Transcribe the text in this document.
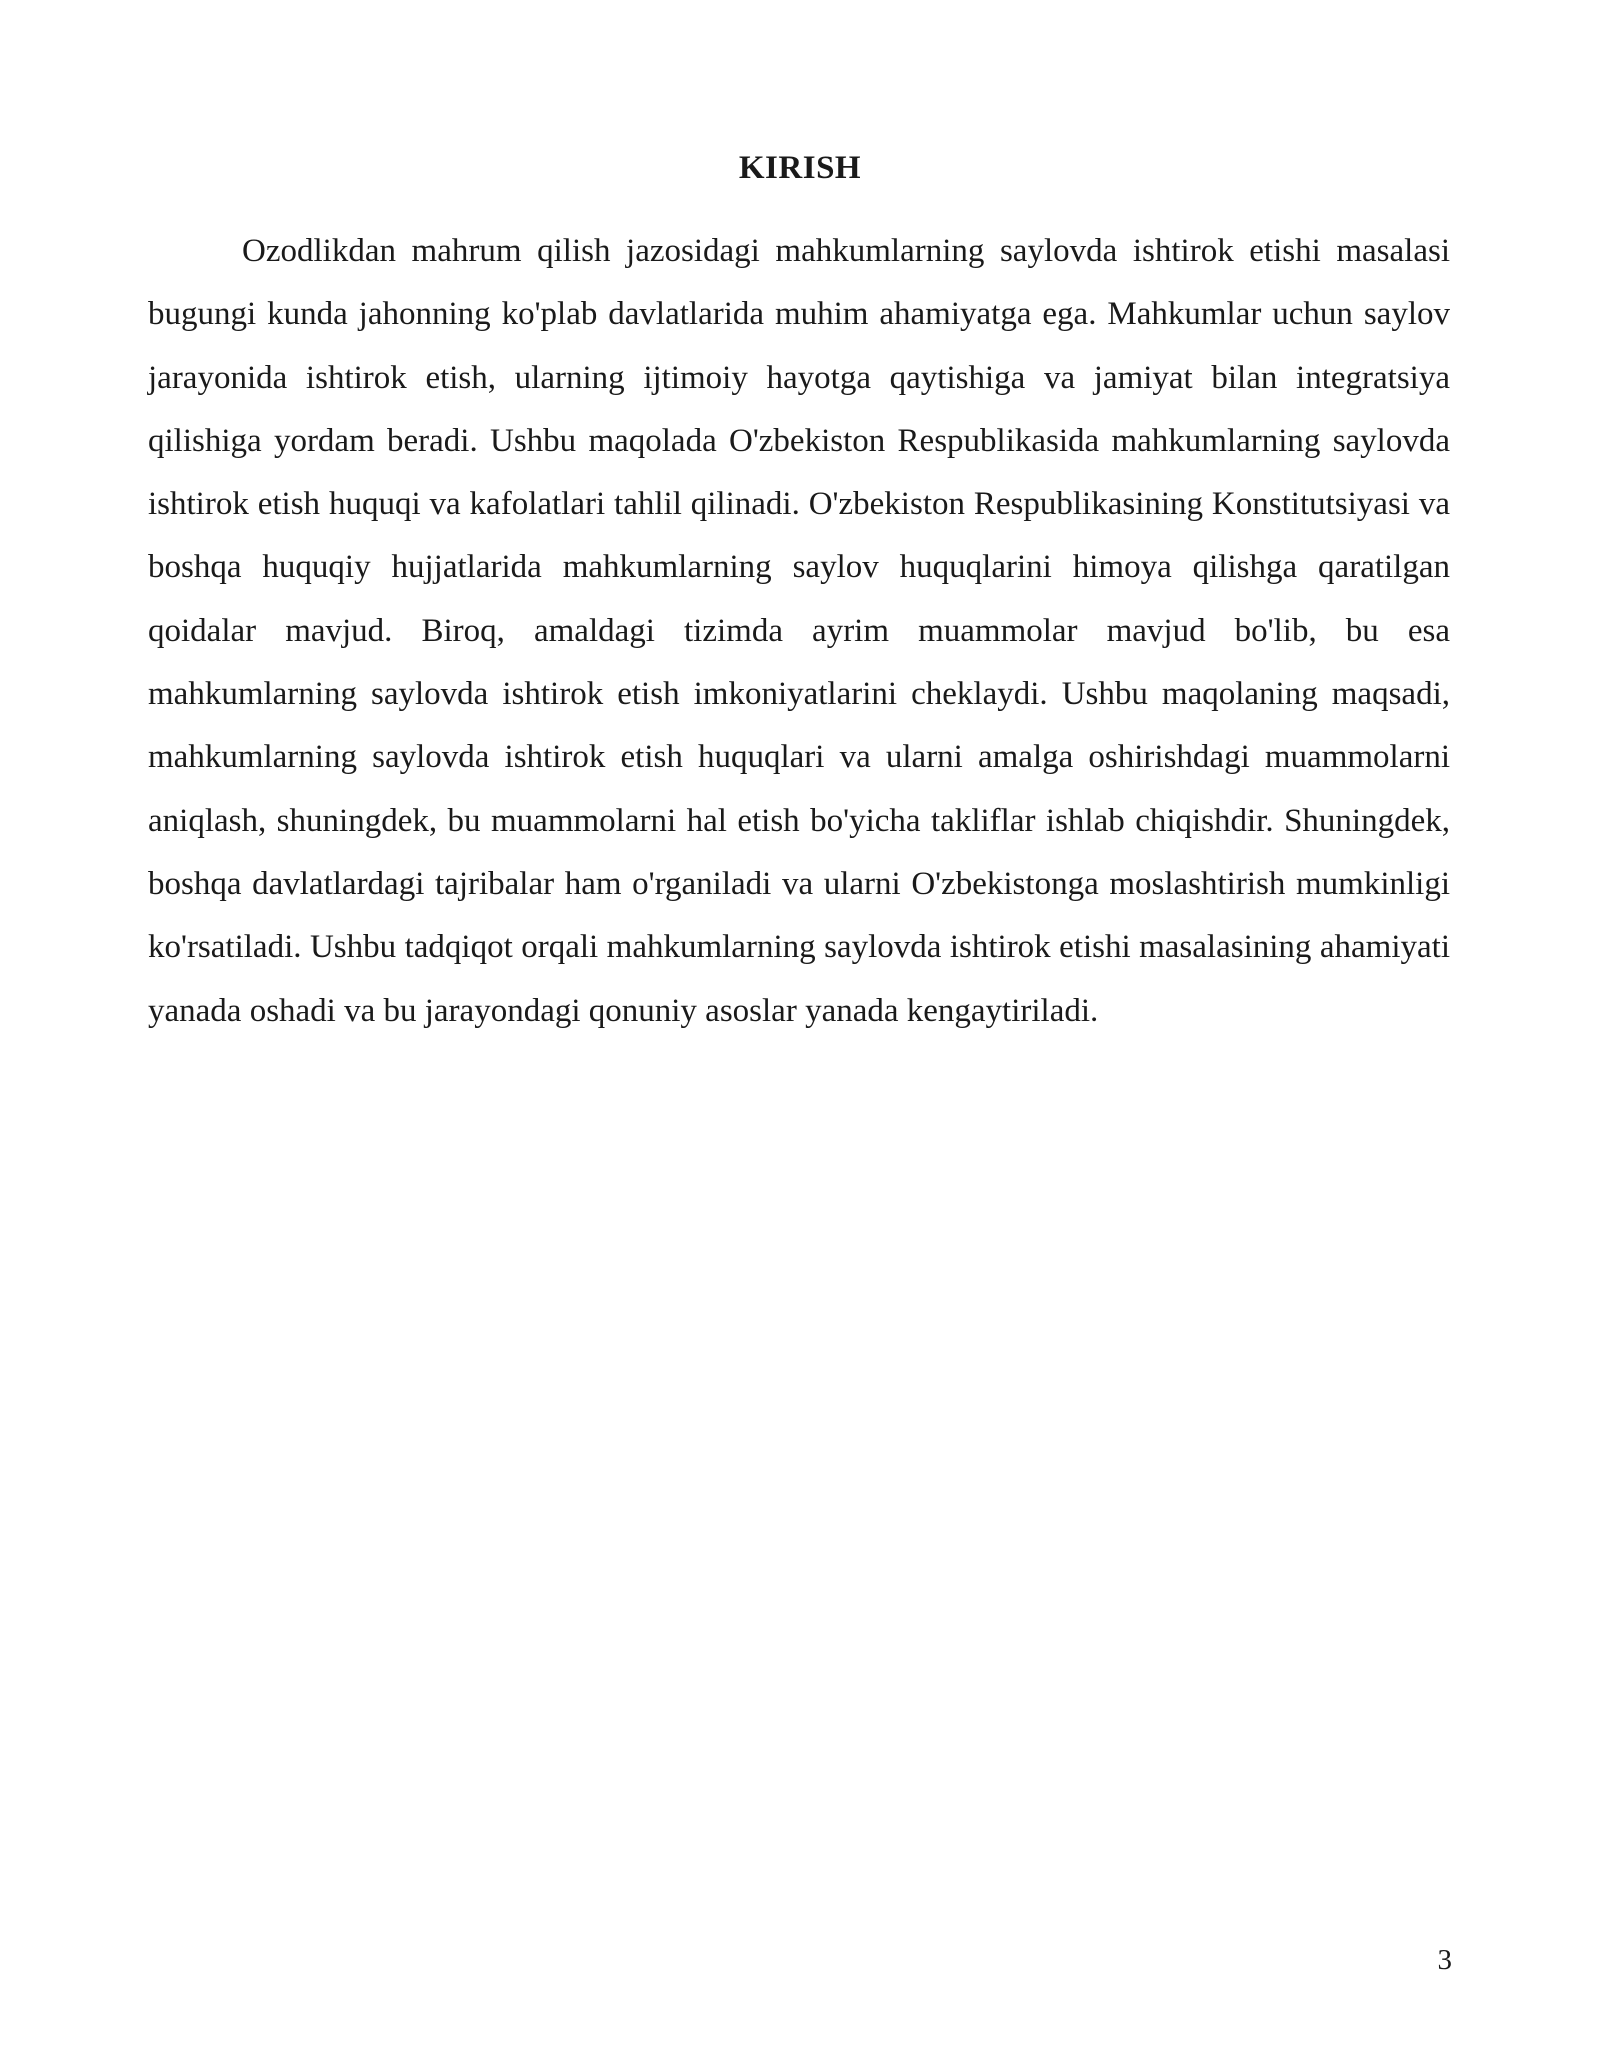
KIRISH

Ozodlikdan mahrum qilish jazosidagi mahkumlarning saylovda ishtirok etishi masalasi bugungi kunda jahonning ko'plab davlatlarida muhim ahamiyatga ega. Mahkumlar uchun saylov jarayonida ishtirok etish, ularning ijtimoiy hayotga qaytishiga va jamiyat bilan integratsiya qilishiga yordam beradi. Ushbu maqolada O'zbekiston Respublikasida mahkumlarning saylovda ishtirok etish huquqi va kafolatlari tahlil qilinadi. O'zbekiston Respublikasining Konstitutsiyasi va boshqa huquqiy hujjatlarida mahkumlarning saylov huquqlarini himoya qilishga qaratilgan qoidalar mavjud. Biroq, amaldagi tizimda ayrim muammolar mavjud bo'lib, bu esa mahkumlarning saylovda ishtirok etish imkoniyatlarini cheklaydi. Ushbu maqolaning maqsadi, mahkumlarning saylovda ishtirok etish huquqlari va ularni amalga oshirishdagi muammolarni aniqlash, shuningdek, bu muammolarni hal etish bo'yicha takliflar ishlab chiqishdir. Shuningdek, boshqa davlatlardagi tajribalar ham o'rganiladi va ularni O'zbekistonga moslashtirish mumkinligi ko'rsatiladi. Ushbu tadqiqot orqali mahkumlarning saylovda ishtirok etishi masalasining ahamiyati yanada oshadi va bu jarayondagi qonuniy asoslar yanada kengaytiriladi.

3
